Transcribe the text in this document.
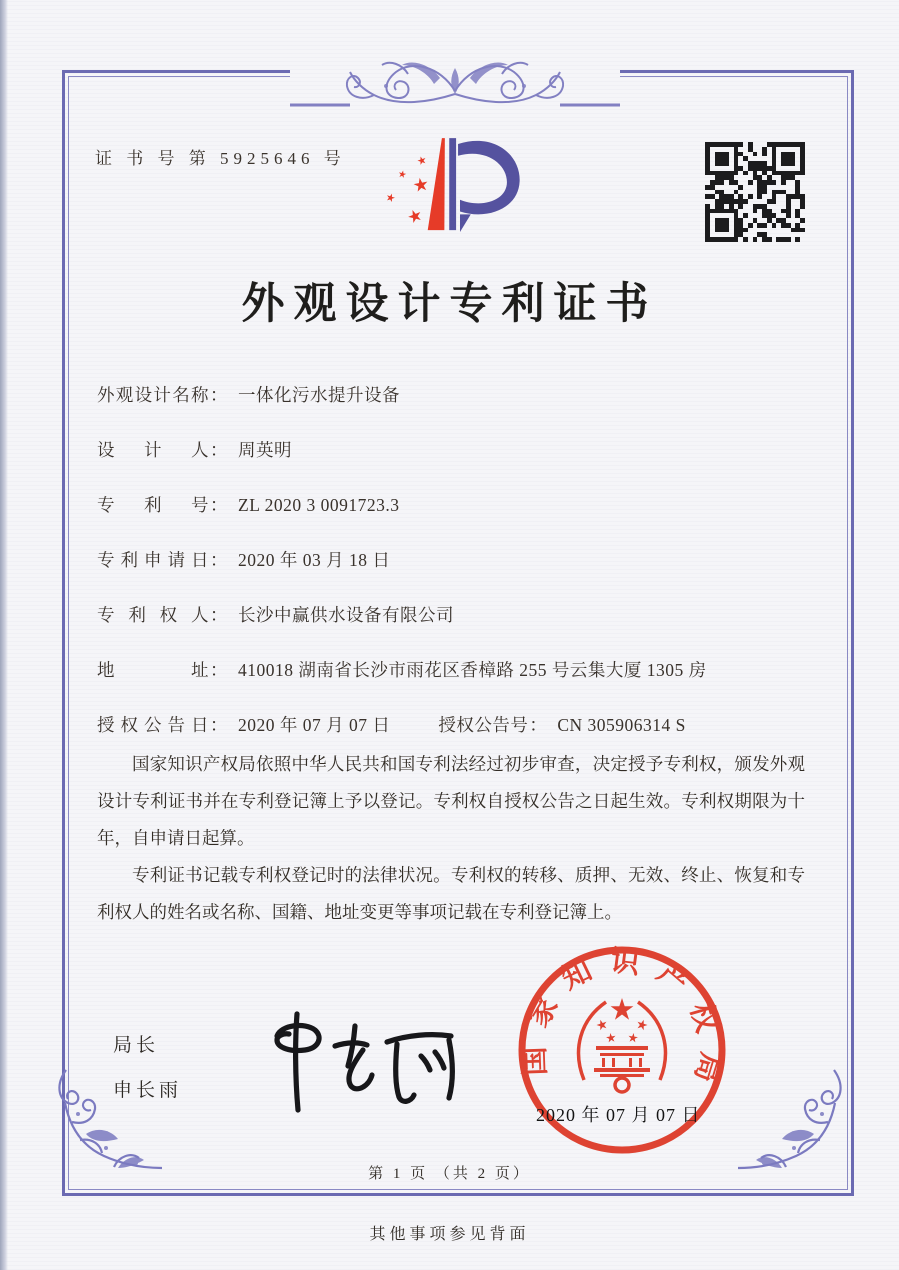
证 书 号 第 5925646 号
外观设计专利证书
外 观 设 计 名 称 ： 一体化污水提升设备
设 计 人 ： 周英明
专 利 号 ： ZL 2020 3 0091723.3
专 利 申 请 日 ： 2020 年 03 月 18 日
专 利 权 人 ： 长沙中赢供水设备有限公司
地	址 ： 410018 湖南省长沙市雨花区香樟路 255 号云集大厦 1305 房
授 权 公 告 日 ： 2020 年 07 月 07 日	授权公告号 ： CN 305906314 S

国家知识产权局依照中华人民共和国专利法经过初步审查，决定授予专利权，颁发外观设计专利证书并在专利登记簿上予以登记。专利权自授权公告之日起生效。专利权期限为十年，自申请日起算。

专利证书记载专利权登记时的法律状况。专利权的转移、质押、无效、终止、恢复和专利权人的姓名或名称、国籍、地址变更等事项记载在专利登记簿上。

局长
申长雨
国家知识产权局
2020 年 07 月 07 日
第 1 页 （共 2 页）
其他事项参见背面
